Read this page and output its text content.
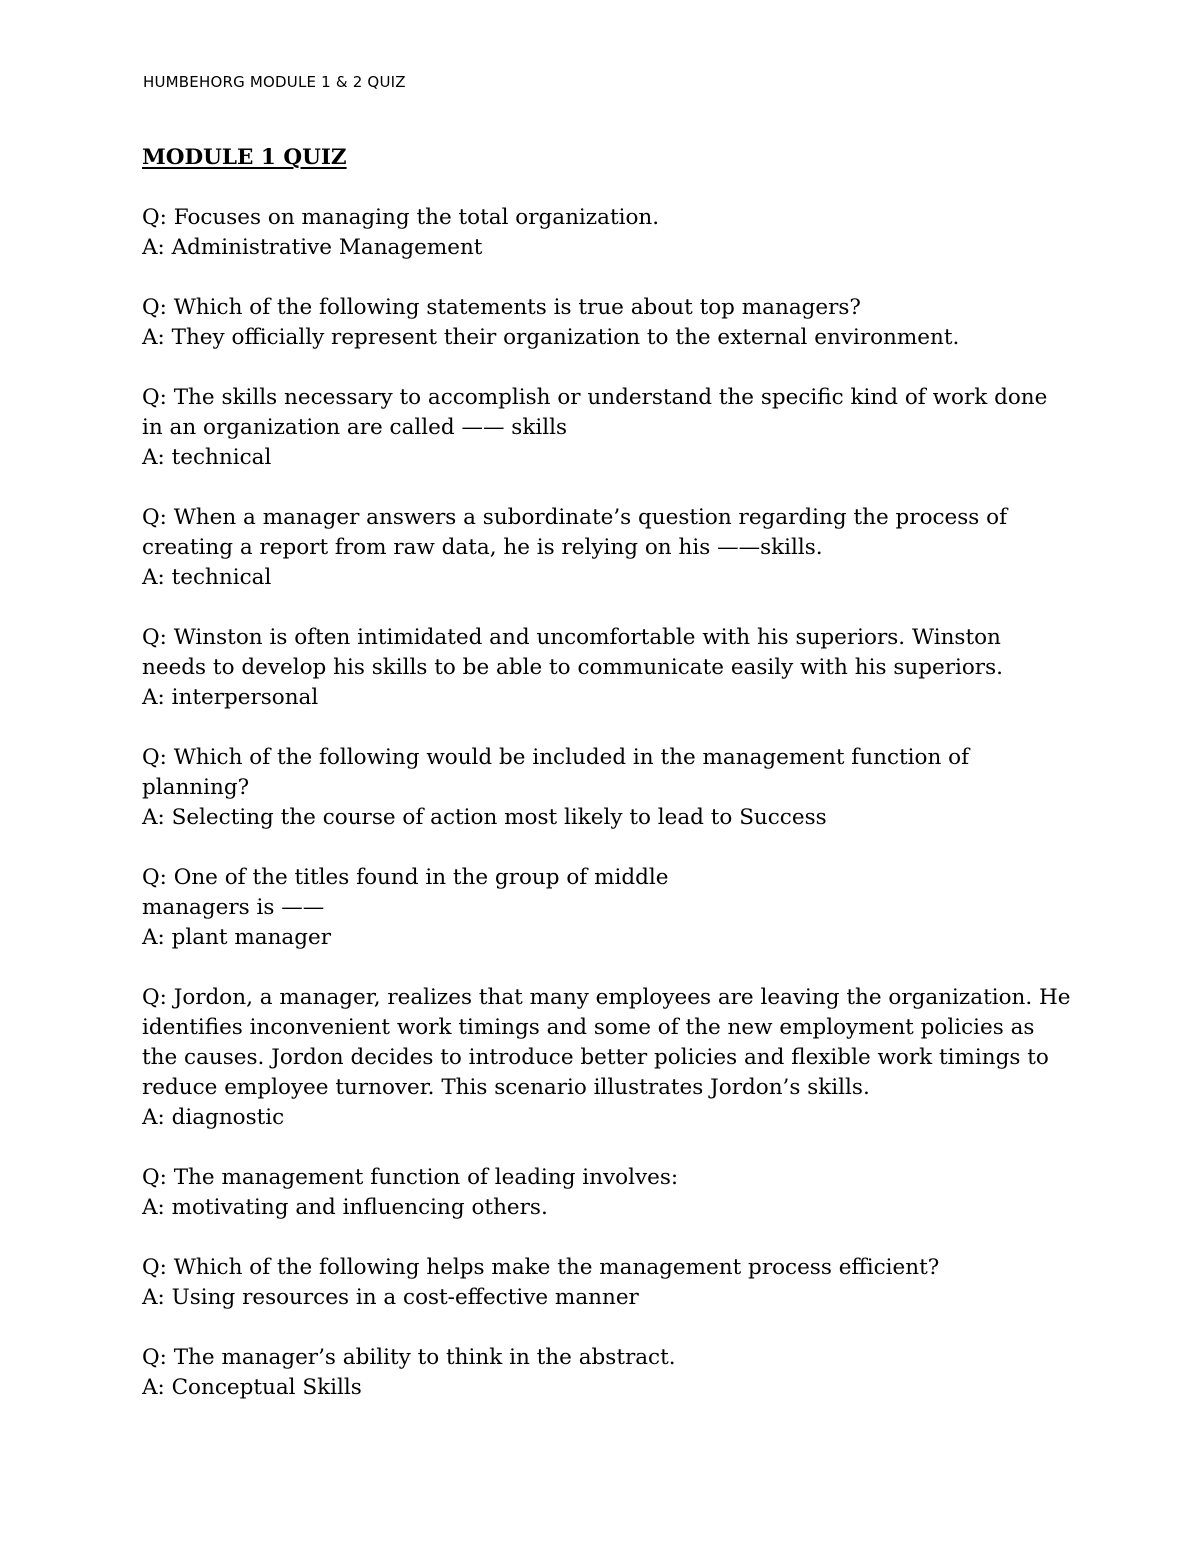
HUMBEHORG MODULE 1 & 2 QUIZ
MODULE 1 QUIZ
Q: Focuses on managing the total organization.
A: Administrative Management
Q: Which of the following statements is true about top managers?
A: They officially represent their organization to the external environment.
Q: The skills necessary to accomplish or understand the specific kind of work done
in an organization are called —— skills
A: technical
Q: When a manager answers a subordinate’s question regarding the process of
creating a report from raw data, he is relying on his ——skills.
A: technical
Q: Winston is often intimidated and uncomfortable with his superiors. Winston
needs to develop his skills to be able to communicate easily with his superiors.
A: interpersonal
Q: Which of the following would be included in the management function of
planning?
A: Selecting the course of action most likely to lead to Success
Q: One of the titles found in the group of middle
managers is ——
A: plant manager
Q: Jordon, a manager, realizes that many employees are leaving the organization. He
identifies inconvenient work timings and some of the new employment policies as
the causes. Jordon decides to introduce better policies and flexible work timings to
reduce employee turnover. This scenario illustrates Jordon’s skills.
A: diagnostic
Q: The management function of leading involves:
A: motivating and influencing others.
Q: Which of the following helps make the management process efficient?
A: Using resources in a cost-effective manner
Q: The manager’s ability to think in the abstract.
A: Conceptual Skills
